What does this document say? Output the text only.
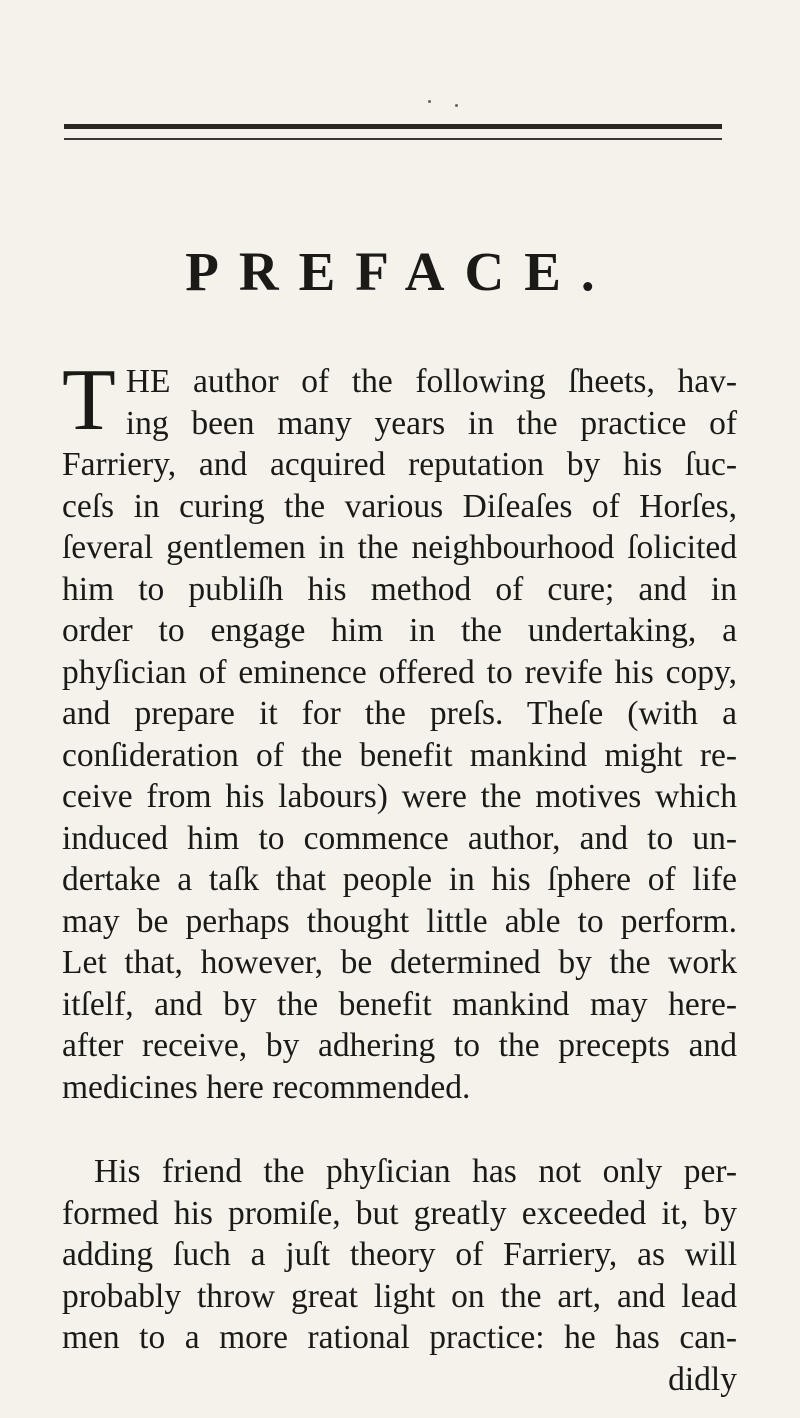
PREFACE.
T HE author of the following ſheets, hav-
ing been many years in the practice of
Farriery, and acquired reputation by his ſuc-
ceſs in curing the various Diſeaſes of Horſes,
ſeveral gentlemen in the neighbourhood ſolicited
him to publiſh his method of cure; and in
order to engage him in the undertaking, a
phyſician of eminence offered to revife his copy,
and prepare it for the preſs. Theſe (with a
conſideration of the benefit mankind might re-
ceive from his labours) were the motives which
induced him to commence author, and to un-
dertake a taſk that people in his ſphere of life
may be perhaps thought little able to perform.
Let that, however, be determined by the work
itſelf, and by the benefit mankind may here-
after receive, by adhering to the precepts and
medicines here recommended.
His friend the phyſician has not only per-
formed his promiſe, but greatly exceeded it, by
adding ſuch a juſt theory of Farriery, as will
probably throw great light on the art, and lead
men to a more rational practice: he has can-
didly
